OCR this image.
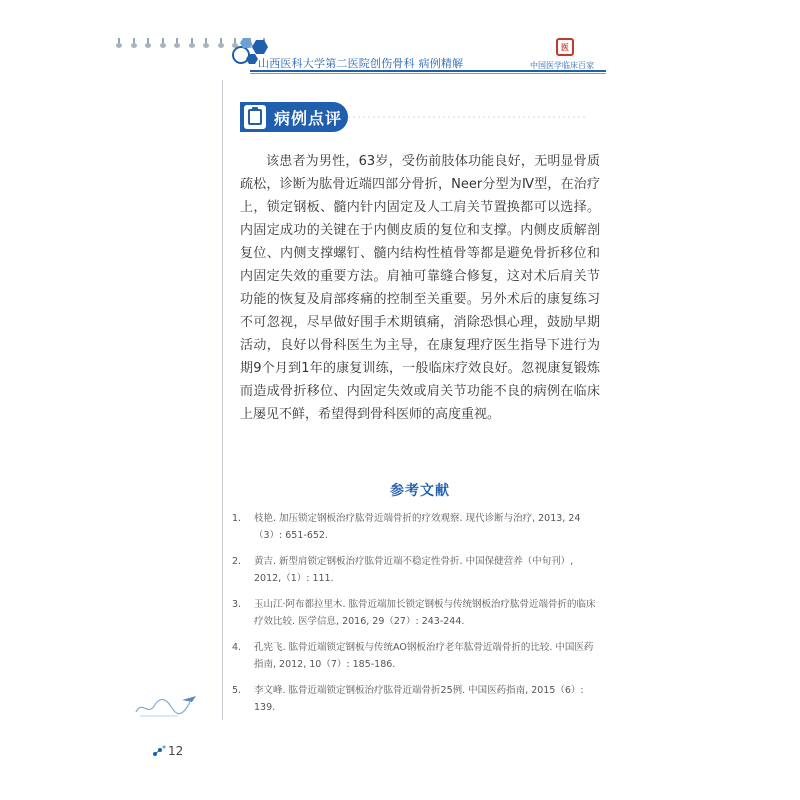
山西医科大学第二医院创伤骨科 病例精解
医
中国医学临床百家
病例点评
该患者为男性，63岁，受伤前肢体功能良好，无明显骨质疏松，诊断为肱骨近端四部分骨折，Neer分型为Ⅳ型，在治疗上，锁定钢板、髓内针内固定及人工肩关节置换都可以选择。内固定成功的关键在于内侧皮质的复位和支撑。内侧皮质解剖复位、内侧支撑螺钉、髓内结构性植骨等都是避免骨折移位和内固定失效的重要方法。肩袖可靠缝合修复，这对术后肩关节功能的恢复及肩部疼痛的控制至关重要。另外术后的康复练习不可忽视，尽早做好围手术期镇痛，消除恐惧心理，鼓励早期活动，良好以骨科医生为主导，在康复理疗医生指导下进行为期9个月到1年的康复训练，一般临床疗效良好。忽视康复锻炼而造成骨折移位、内固定失效或肩关节功能不良的病例在临床上屡见不鲜，希望得到骨科医师的高度重视。
参考文献
1.	枝艳. 加压锁定钢板治疗肱骨近端骨折的疗效观察. 现代诊断与治疗, 2013, 24（3）: 651-652.
2.	黄吉. 新型肩锁定钢板治疗肱骨近端不稳定性骨折. 中国保健营养（中旬刊）, 2012,（1）: 111.
3.	玉山江·阿布都拉里木. 肱骨近端加长锁定钢板与传统钢板治疗肱骨近端骨折的临床疗效比较. 医学信息, 2016, 29（27）: 243-244.
4.	孔宪飞. 肱骨近端锁定钢板与传统AO钢板治疗老年肱骨近端骨折的比较. 中国医药指南, 2012, 10（7）: 185-186.
5.	李文峰. 肱骨近端锁定钢板治疗肱骨近端骨折25例. 中国医药指南, 2015（6）: 139.
12
